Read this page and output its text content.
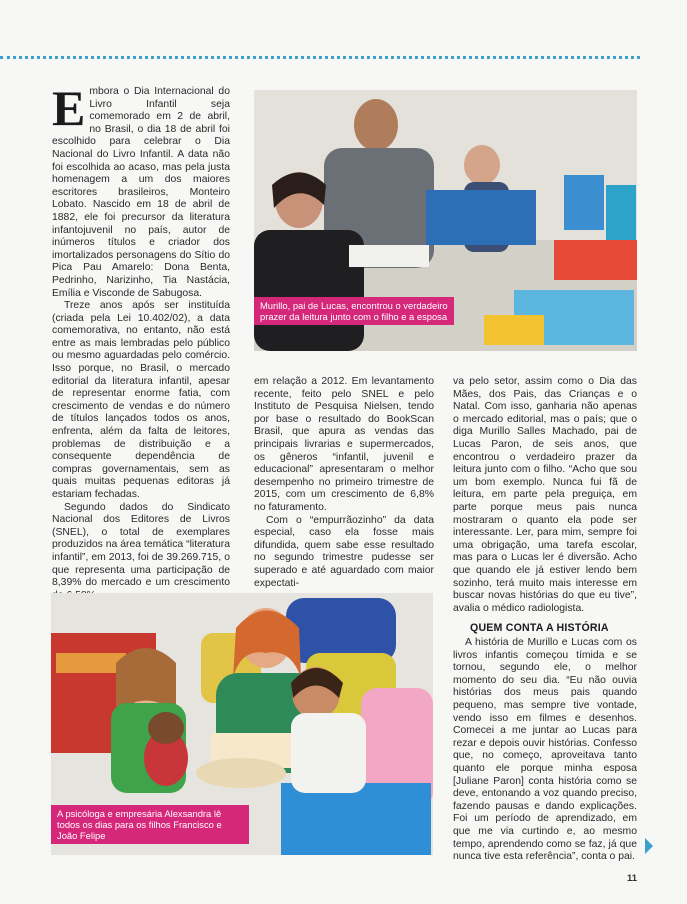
Murillo, pai de Lucas, encontrou o verdadeiro prazer da leitura junto com o filho e a esposa

Embora o Dia Internacional do Livro Infantil seja comemorado em 2 de abril, no Brasil, o dia 18 de abril foi escolhido para celebrar o Dia Nacional do Livro Infantil. A data não foi escolhida ao acaso, mas pela justa homenagem a um dos maiores escritores brasileiros, Monteiro Lobato. Nascido em 18 de abril de 1882, ele foi precursor da literatura infantojuvenil no país, autor de inúmeros títulos e criador dos imortalizados personagens do Sítio do Pica Pau Amarelo: Dona Benta, Pedrinho, Narizinho, Tia Nastácia, Emília e Visconde de Sabugosa.

Treze anos após ser instituída (criada pela Lei 10.402/02), a data comemorativa, no entanto, não está entre as mais lembradas pelo público ou mesmo aguardadas pelo comércio. Isso porque, no Brasil, o mercado editorial da literatura infantil, apesar de representar enorme fatia, com crescimento de vendas e do número de títulos lançados todos os anos, enfrenta, além da falta de leitores, problemas de distribuição e a consequente dependência de compras governamentais, sem as quais muitas pequenas editoras já estariam fechadas.

Segundo dados do Sindicato Nacional dos Editores de Livros (SNEL), o total de exemplares produzidos na área temática “literatura infantil”, em 2013, foi de 39.269.715, o que representa uma participação de 8,39% do mercado e um crescimento

em relação a 2012. Em levantamento recente, feito pelo SNEL e pelo Instituto de Pesquisa Nielsen, tendo por base o resultado do BookScan Brasil, que apura as vendas das principais livrarias e supermercados, os gêneros “infantil, juvenil e educacional” apresentaram o melhor desempenho no primeiro trimestre de 2015, com um crescimento de 6,8% no faturamento.

Com o “empurrãozinho” da data especial, caso ela fosse mais difundida, quem sabe esse resultado no segundo trimestre pudesse ser superado e até aguardado com maior expectati-

va pelo setor, assim como o Dia das Mães, dos Pais, das Crianças e o Natal. Com isso, ganharia não apenas o mercado editorial, mas o país; que o diga Murillo Salles Machado, pai de Lucas Paron, de seis anos, que encontrou o verdadeiro prazer da leitura junto com o filho. “Acho que sou um bom exemplo. Nunca fui fã de leitura, em parte pela preguiça, em parte porque meus pais nunca mostraram o quanto ela pode ser interessante. Ler, para mim, sempre foi uma obrigação, uma tarefa escolar, mas para o Lucas ler é diversão. Acho que quando ele já estiver lendo bem sozinho, terá muito mais interesse em buscar novas histórias do que eu tive”, avalia o médico radiologista.

QUEM CONTA A HISTÓRIA

A história de Murillo e Lucas com os livros infantis começou tímida e se tornou, segundo ele, o melhor momento do seu dia. “Eu não ouvia histórias dos meus pais quando pequeno, mas sempre tive vontade, vendo isso em filmes e desenhos. Comecei a me juntar ao Lucas para rezar e depois ouvir histórias. Confesso que, no começo, aproveitava tanto quanto ele porque minha esposa [Juliane Paron] conta história como se deve, entonando a voz quando preciso, fazendo pausas e dando explicações. Foi um período de aprendizado, em que me via curtindo e, ao mesmo tempo, aprendendo como se faz, já que nunca tive esta referência”, conta o pai.

A psicóloga e empresária Alexsandra lê todos os dias para os filhos Francisco e João Felipe
11
